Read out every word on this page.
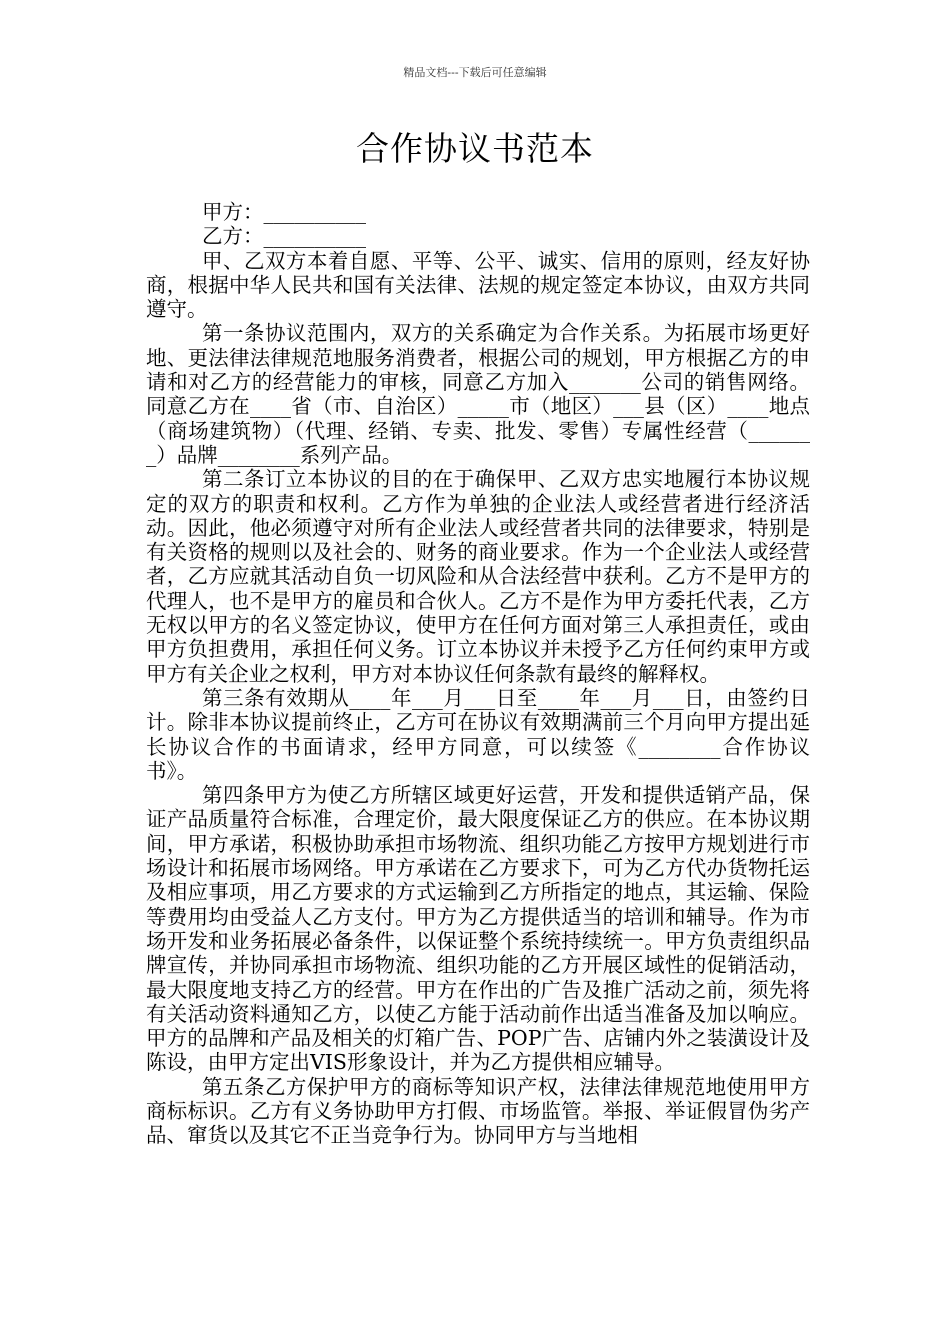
精品文档---下载后可任意编辑
合作协议书范本

甲方：__________

乙方：__________

甲、乙双方本着自愿、平等、公平、诚实、信用的原则，经友好协商，根据中华人民共和国有关法律、法规的规定签定本协议，由双方共同遵守。

第一条协议范围内，双方的关系确定为合作关系。为拓展市场更好地、更法律法律规范地服务消费者，根据公司的规划，甲方根据乙方的申请和对乙方的经营能力的审核，同意乙方加入_______公司的销售网络。同意乙方在____省（市、自治区）_____市（地区）___县（区）____地点（商场建筑物）（代理、经销、专卖、批发、零售）专属性经营（_______）品牌________系列产品。

第二条订立本协议的目的在于确保甲、乙双方忠实地履行本协议规定的双方的职责和权利。乙方作为单独的企业法人或经营者进行经济活动。因此，他必须遵守对所有企业法人或经营者共同的法律要求，特别是有关资格的规则以及社会的、财务的商业要求。作为一个企业法人或经营者，乙方应就其活动自负一切风险和从合法经营中获利。乙方不是甲方的代理人，也不是甲方的雇员和合伙人。乙方不是作为甲方委托代表，乙方无权以甲方的名义签定协议，使甲方在任何方面对第三人承担责任，或由甲方负担费用，承担任何义务。订立本协议并未授予乙方任何约束甲方或甲方有关企业之权利，甲方对本协议任何条款有最终的解释权。

第三条有效期从____年___月___日至____年___月___日，由签约日计。除非本协议提前终止，乙方可在协议有效期满前三个月向甲方提出延长协议合作的书面请求，经甲方同意，可以续签《________合作协议书》。

第四条甲方为使乙方所辖区域更好运营，开发和提供适销产品，保证产品质量符合标准，合理定价，最大限度保证乙方的供应。在本协议期间，甲方承诺，积极协助承担市场物流、组织功能乙方按甲方规划进行市场设计和拓展市场网络。甲方承诺在乙方要求下，可为乙方代办货物托运及相应事项，用乙方要求的方式运输到乙方所指定的地点，其运输、保险等费用均由受益人乙方支付。甲方为乙方提供适当的培训和辅导。作为市场开发和业务拓展必备条件，以保证整个系统持续统一。甲方负责组织品牌宣传，并协同承担市场物流、组织功能的乙方开展区域性的促销活动，最大限度地支持乙方的经营。甲方在作出的广告及推广活动之前，须先将有关活动资料通知乙方，以使乙方能于活动前作出适当准备及加以响应。甲方的品牌和产品及相关的灯箱广告、POP广告、店铺内外之装潢设计及陈设，由甲方定出VIS形象设计，并为乙方提供相应辅导。

第五条乙方保护甲方的商标等知识产权，法律法律规范地使用甲方商标标识。乙方有义务协助甲方打假、市场监管。举报、举证假冒伪劣产品、窜货以及其它不正当竞争行为。协同甲方与当地相
